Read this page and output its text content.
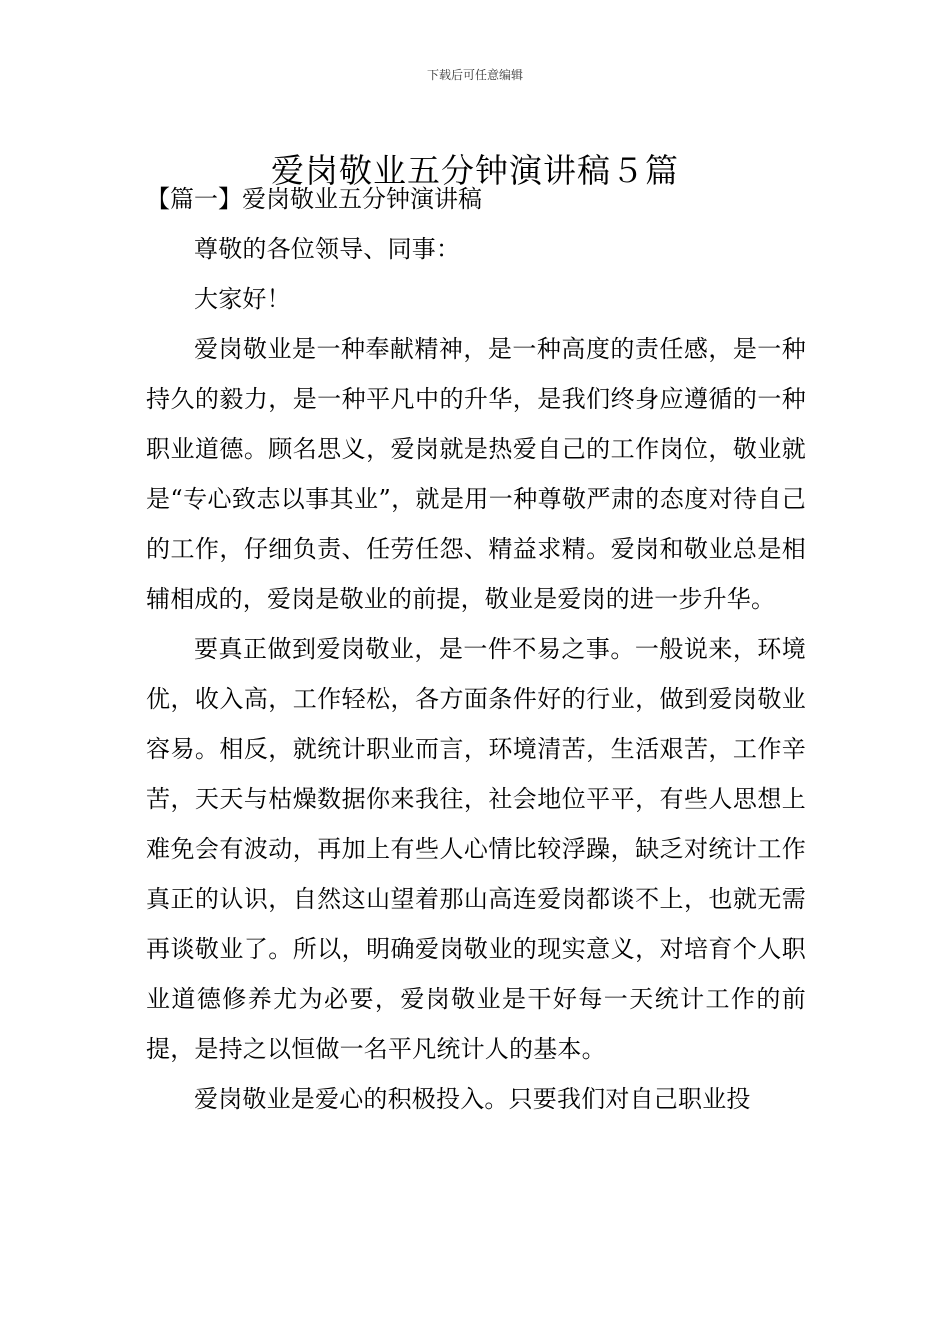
下载后可任意编辑
爱岗敬业五分钟演讲稿５篇
【篇一】爱岗敬业五分钟演讲稿

尊敬的各位领导、同事：

大家好！

爱岗敬业是一种奉献精神，是一种高度的责任感，是一种持久的毅力，是一种平凡中的升华，是我们终身应遵循的一种职业道德。顾名思义，爱岗就是热爱自己的工作岗位，敬业就是“专心致志以事其业”，就是用一种尊敬严肃的态度对待自己的工作，仔细负责、任劳任怨、精益求精。爱岗和敬业总是相辅相成的，爱岗是敬业的前提，敬业是爱岗的进一步升华。

要真正做到爱岗敬业，是一件不易之事。一般说来，环境优，收入高，工作轻松，各方面条件好的行业，做到爱岗敬业容易。相反，就统计职业而言，环境清苦，生活艰苦，工作辛苦，天天与枯燥数据你来我往，社会地位平平，有些人思想上难免会有波动，再加上有些人心情比较浮躁，缺乏对统计工作真正的认识，自然这山望着那山高连爱岗都谈不上，也就无需再谈敬业了。所以，明确爱岗敬业的现实意义，对培育个人职业道德修养尤为必要，爱岗敬业是干好每一天统计工作的前提，是持之以恒做一名平凡统计人的基本。

爱岗敬业是爱心的积极投入。只要我们对自己职业投
